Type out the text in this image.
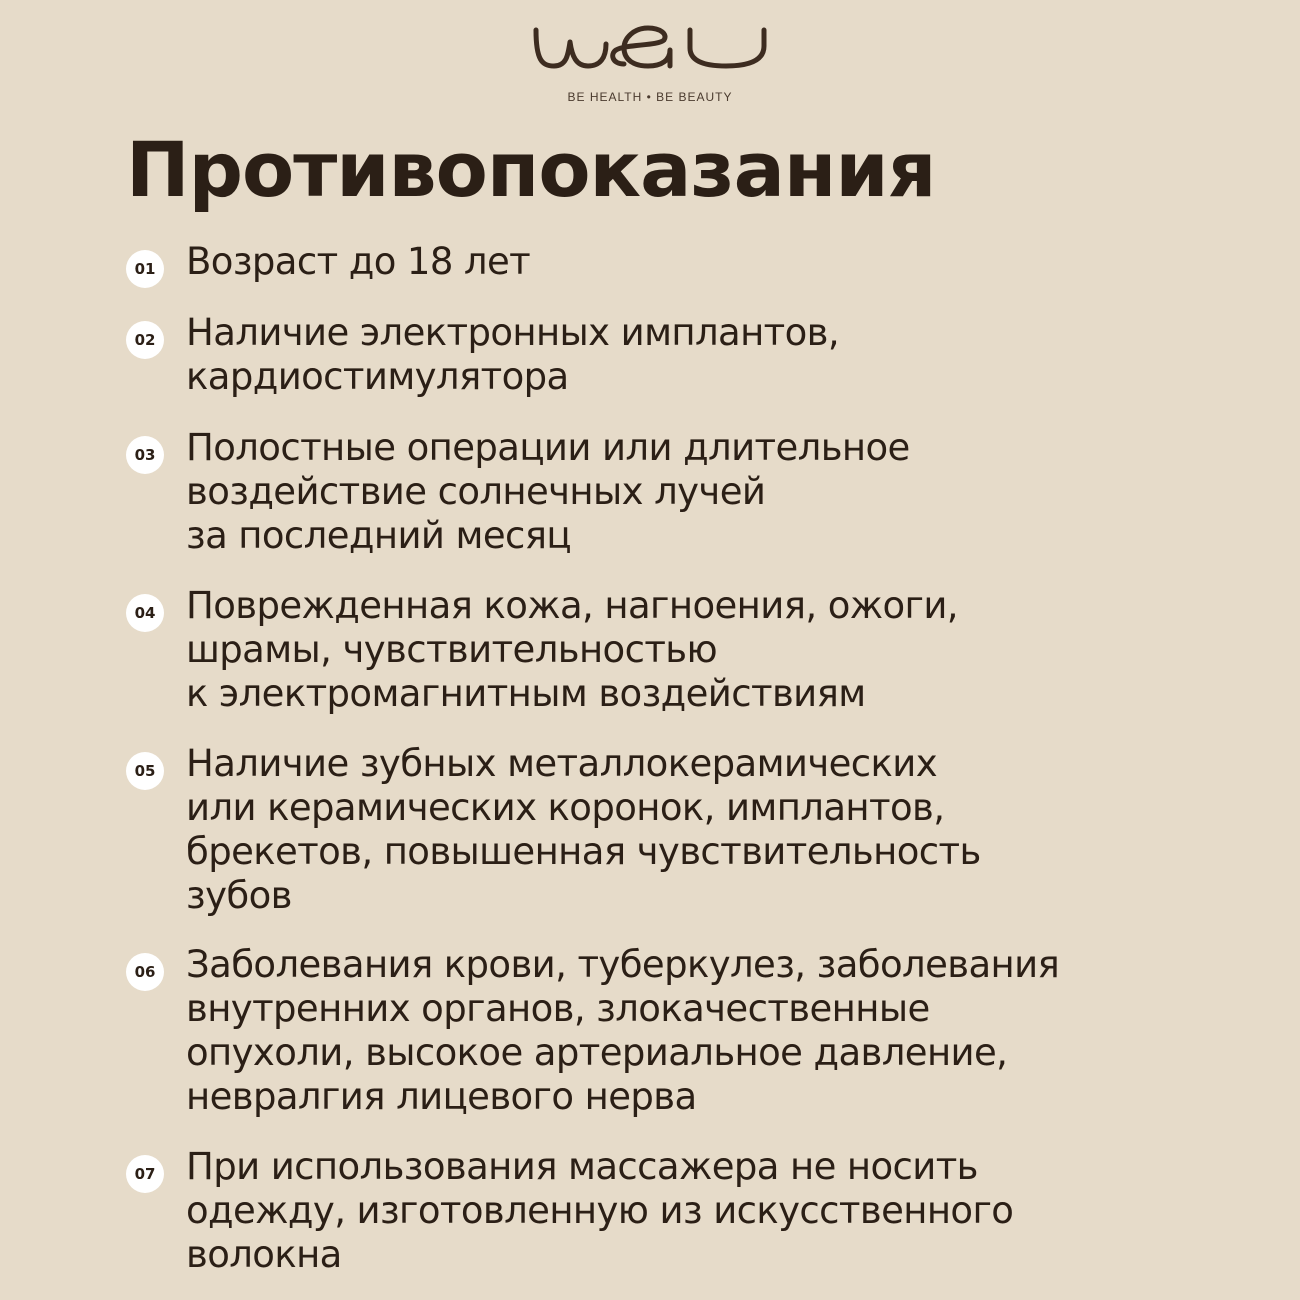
BE HEALTH • BE BEAUTY
Противопоказания
01 Возраст до 18 лет
02 Наличие электронных имплантов,
кардиостимулятора
03 Полостные операции или длительное
воздействие солнечных лучей
за последний месяц
04 Поврежденная кожа, нагноения, ожоги,
шрамы, чувствительностью
к электромагнитным воздействиям
05 Наличие зубных металлокерамических
или керамических коронок, имплантов,
брекетов, повышенная чувствительность
зубов
06 Заболевания крови, туберкулез, заболевания
внутренних органов, злокачественные
опухоли, высокое артериальное давление,
невралгия лицевого нерва
07 При использования массажера не носить
одежду, изготовленную из искусственного
волокна
